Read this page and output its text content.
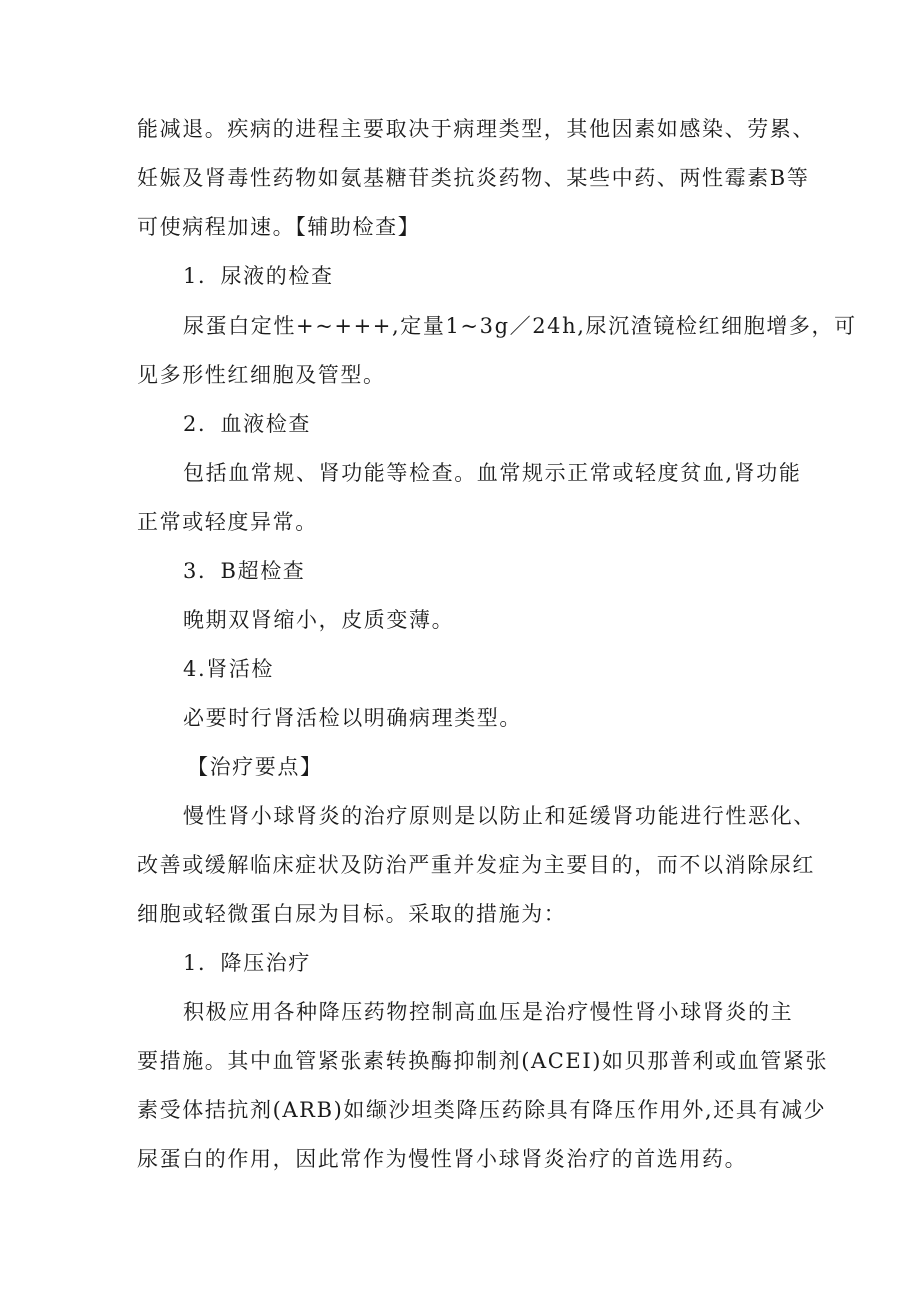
能减退。疾病的进程主要取决于病理类型，其他因素如感染、劳累、
妊娠及肾毒性药物如氨基糖苷类抗炎药物、某些中药、两性霉素B等
可使病程加速。【辅助检查】
1．尿液的检查
尿蛋白定性+~+++,定量1~3g／24h,尿沉渣镜检红细胞增多，可
见多形性红细胞及管型。
2．血液检查
包括血常规、肾功能等检查。血常规示正常或轻度贫血,肾功能
正常或轻度异常。
3．B超检查
晚期双肾缩小，皮质变薄。
4.肾活检
必要时行肾活检以明确病理类型。
【治疗要点】
慢性肾小球肾炎的治疗原则是以防止和延缓肾功能进行性恶化、
改善或缓解临床症状及防治严重并发症为主要目的，而不以消除尿红
细胞或轻微蛋白尿为目标。采取的措施为：
1．降压治疗
积极应用各种降压药物控制高血压是治疗慢性肾小球肾炎的主
要措施。其中血管紧张素转换酶抑制剂(ACEI)如贝那普利或血管紧张
素受体拮抗剂(ARB)如缬沙坦类降压药除具有降压作用外,还具有减少
尿蛋白的作用，因此常作为慢性肾小球肾炎治疗的首选用药。
